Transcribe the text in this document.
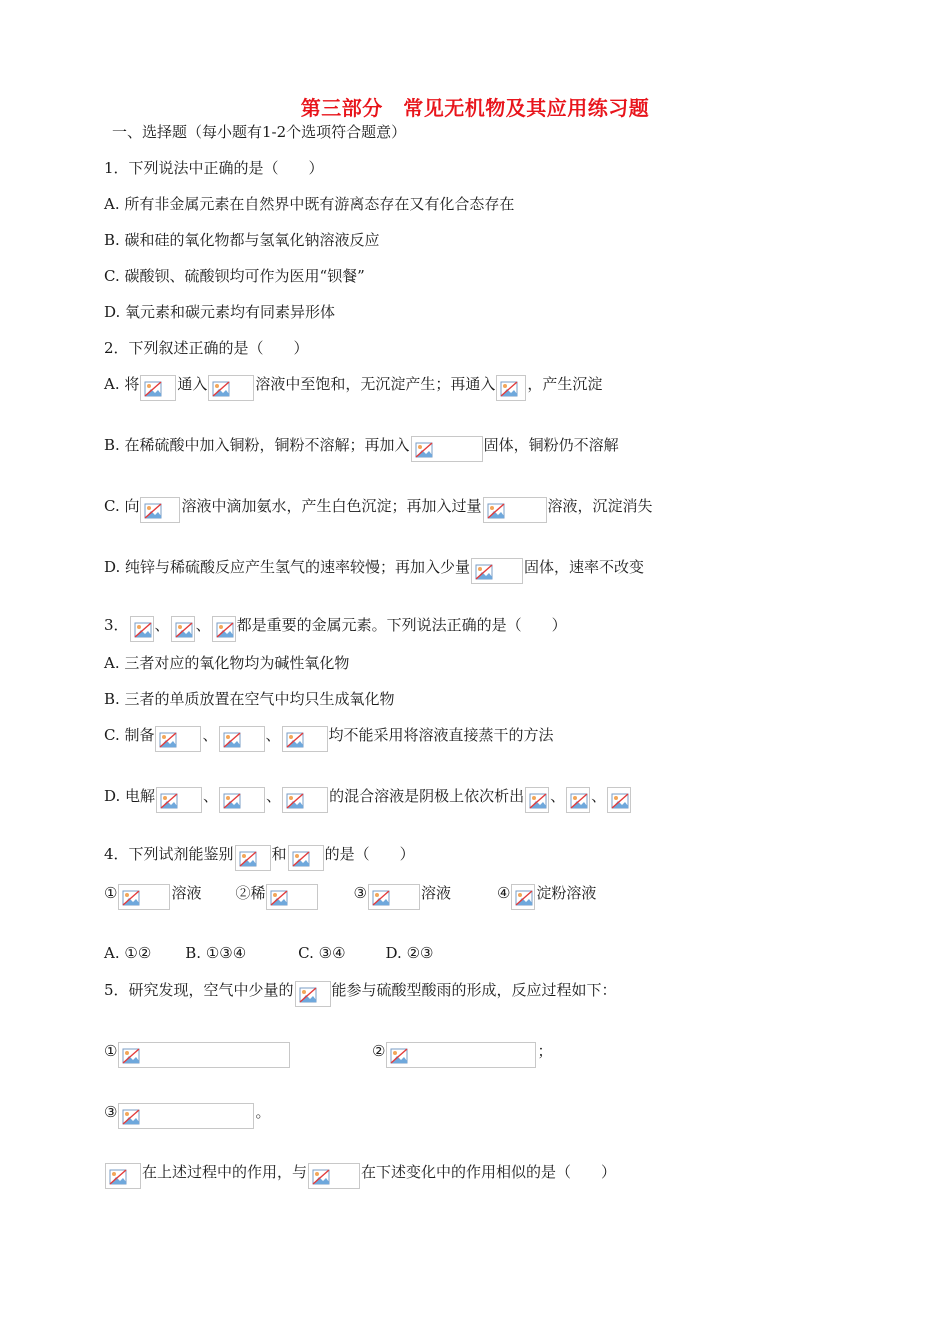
第三部分　常见无机物及其应用练习题
一、选择题（每小题有1-2个选项符合题意）
1．下列说法中正确的是（　　）
A. 所有非金属元素在自然界中既有游离态存在又有化合态存在
B. 碳和硅的氧化物都与氢氧化钠溶液反应
C. 碳酸钡、硫酸钡均可作为医用“钡餐”
D. 氧元素和碳元素均有同素异形体
2．下列叙述正确的是（　　）
A. 将	通入	溶液中至饱和，无沉淀产生；再通入 ，产生沉淀
B. 在稀硫酸中加入铜粉，铜粉不溶解；再加入	固体，铜粉仍不溶解
C. 向	溶液中滴加氨水，产生白色沉淀；再加入过量	溶液，沉淀消失
D. 纯锌与稀硫酸反应产生氢气的速率较慢；再加入少量	固体，速率不改变
3． 、 、 都是重要的金属元素。下列说法正确的是（　　）
A. 三者对应的氧化物均为碱性氧化物
B. 三者的单质放置在空气中均只生成氧化物
C. 制备	、	、	均不能采用将溶液直接蒸干的方法
D. 电解	、	、	的混合溶液是阴极上依次析出 、 、
4．下列试剂能鉴别	和	的是（　　）
①	溶液 ②稀	③	溶液	④ 淀粉溶液
A. ①② B. ①③④	C. ③④	D. ②③
5．研究发现，空气中少量的	能参与硫酸型酸雨的形成，反应过程如下：
①	②	；
③	。
在上述过程中的作用，与	在下述变化中的作用相似的是（　　）
